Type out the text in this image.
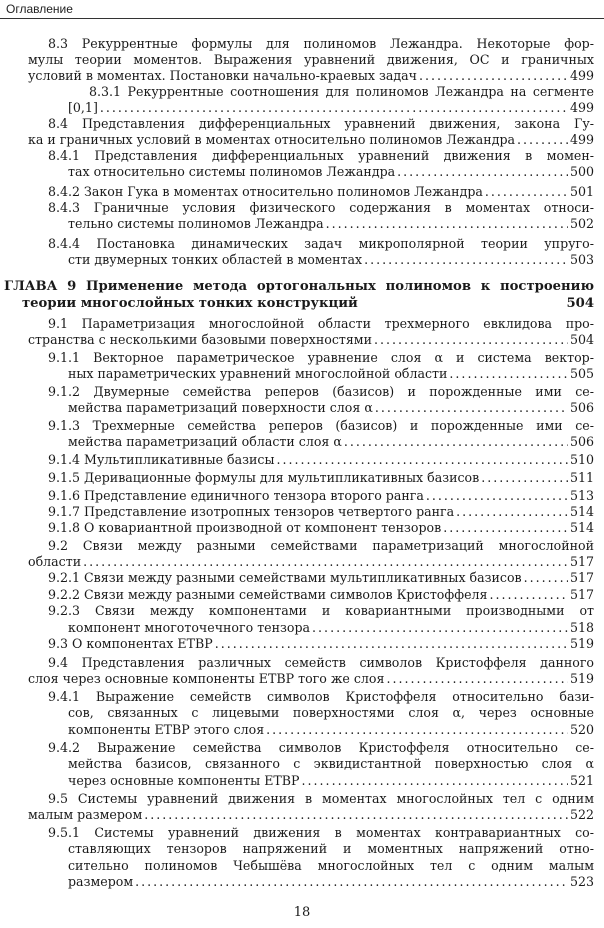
Оглавление
8.3 Рекуррентные формулы для полиномов Лежандра. Некоторые фор-
мулы теории моментов. Выражения уравнений движения, ОС и граничных
условий в моментах. Постановки начально-краевых задач . . .	499
8.3.1 Рекуррентные соотношения для полиномов Лежандра на сегменте
[0,1] . . .	499
8.4 Представления дифференциальных уравнений движения, закона Гу-
ка и граничных условий в моментах относительно полиномов Лежандра . . .	499
8.4.1 Представления дифференциальных уравнений движения в момен-
тах относительно системы полиномов Лежандра . . .	500
8.4.2 Закон Гука в моментах относительно полиномов Лежандра . . .	501
8.4.3 Граничные условия физического содержания в моментах относи-
тельно системы полиномов Лежандра . . .	502
8.4.4 Постановка динамических задач микрополярной теории упруго-
сти двумерных тонких областей в моментах . . .	503
ГЛАВА 9 Применение метода ортогональных полиномов к построению
теории многослойных тонких конструкций	504
9.1 Параметризация многослойной области трехмерного евклидова про-
странства с несколькими базовыми поверхностями . . .	504
9.1.1 Векторное параметрическое уравнение слоя α и система вектор-
ных параметрических уравнений многослойной области . . .	505
9.1.2 Двумерные семейства реперов (базисов) и порожденные ими се-
мейства параметризаций поверхности слоя α . . .	506
9.1.3 Трехмерные семейства реперов (базисов) и порожденные ими се-
мейства параметризаций области слоя α . . .	506
9.1.4 Мультипликативные базисы . . .	510
9.1.5 Деривационные формулы для мультипликативных базисов . . .	511
9.1.6 Представление единичного тензора второго ранга . . .	513
9.1.7 Представление изотропных тензоров четвертого ранга . . .	514
9.1.8 О ковариантной производной от компонент тензоров . . .	514
9.2 Связи между разными семействами параметризаций многослойной
области . . .	517
9.2.1 Связи между разными семействами мультипликативных базисов . . .	517
9.2.2 Связи между разными семействами символов Кристоффеля . . .	517
9.2.3 Связи между компонентами и ковариантными производными от
компонент многоточечного тензора . . .	518
9.3 О компонентах ЕТВР . . .	519
9.4 Представления различных семейств символов Кристоффеля данного
слоя через основные компоненты ЕТВР того же слоя . . .	519
9.4.1 Выражение семейств символов Кристоффеля относительно бази-
сов, связанных с лицевыми поверхностями слоя α, через основные
компоненты ЕТВР этого слоя . . .	520
9.4.2 Выражение семейства символов Кристоффеля относительно се-
мейства базисов, связанного с эквидистантной поверхностью слоя α
через основные компоненты ЕТВР . . .	521
9.5 Системы уравнений движения в моментах многослойных тел с одним
малым размером . . .	522
9.5.1 Системы уравнений движения в моментах контравариантных со-
ставляющих тензоров напряжений и моментных напряжений отно-
сительно полиномов Чебышёва многослойных тел с одним малым
размером . . .	523
18
